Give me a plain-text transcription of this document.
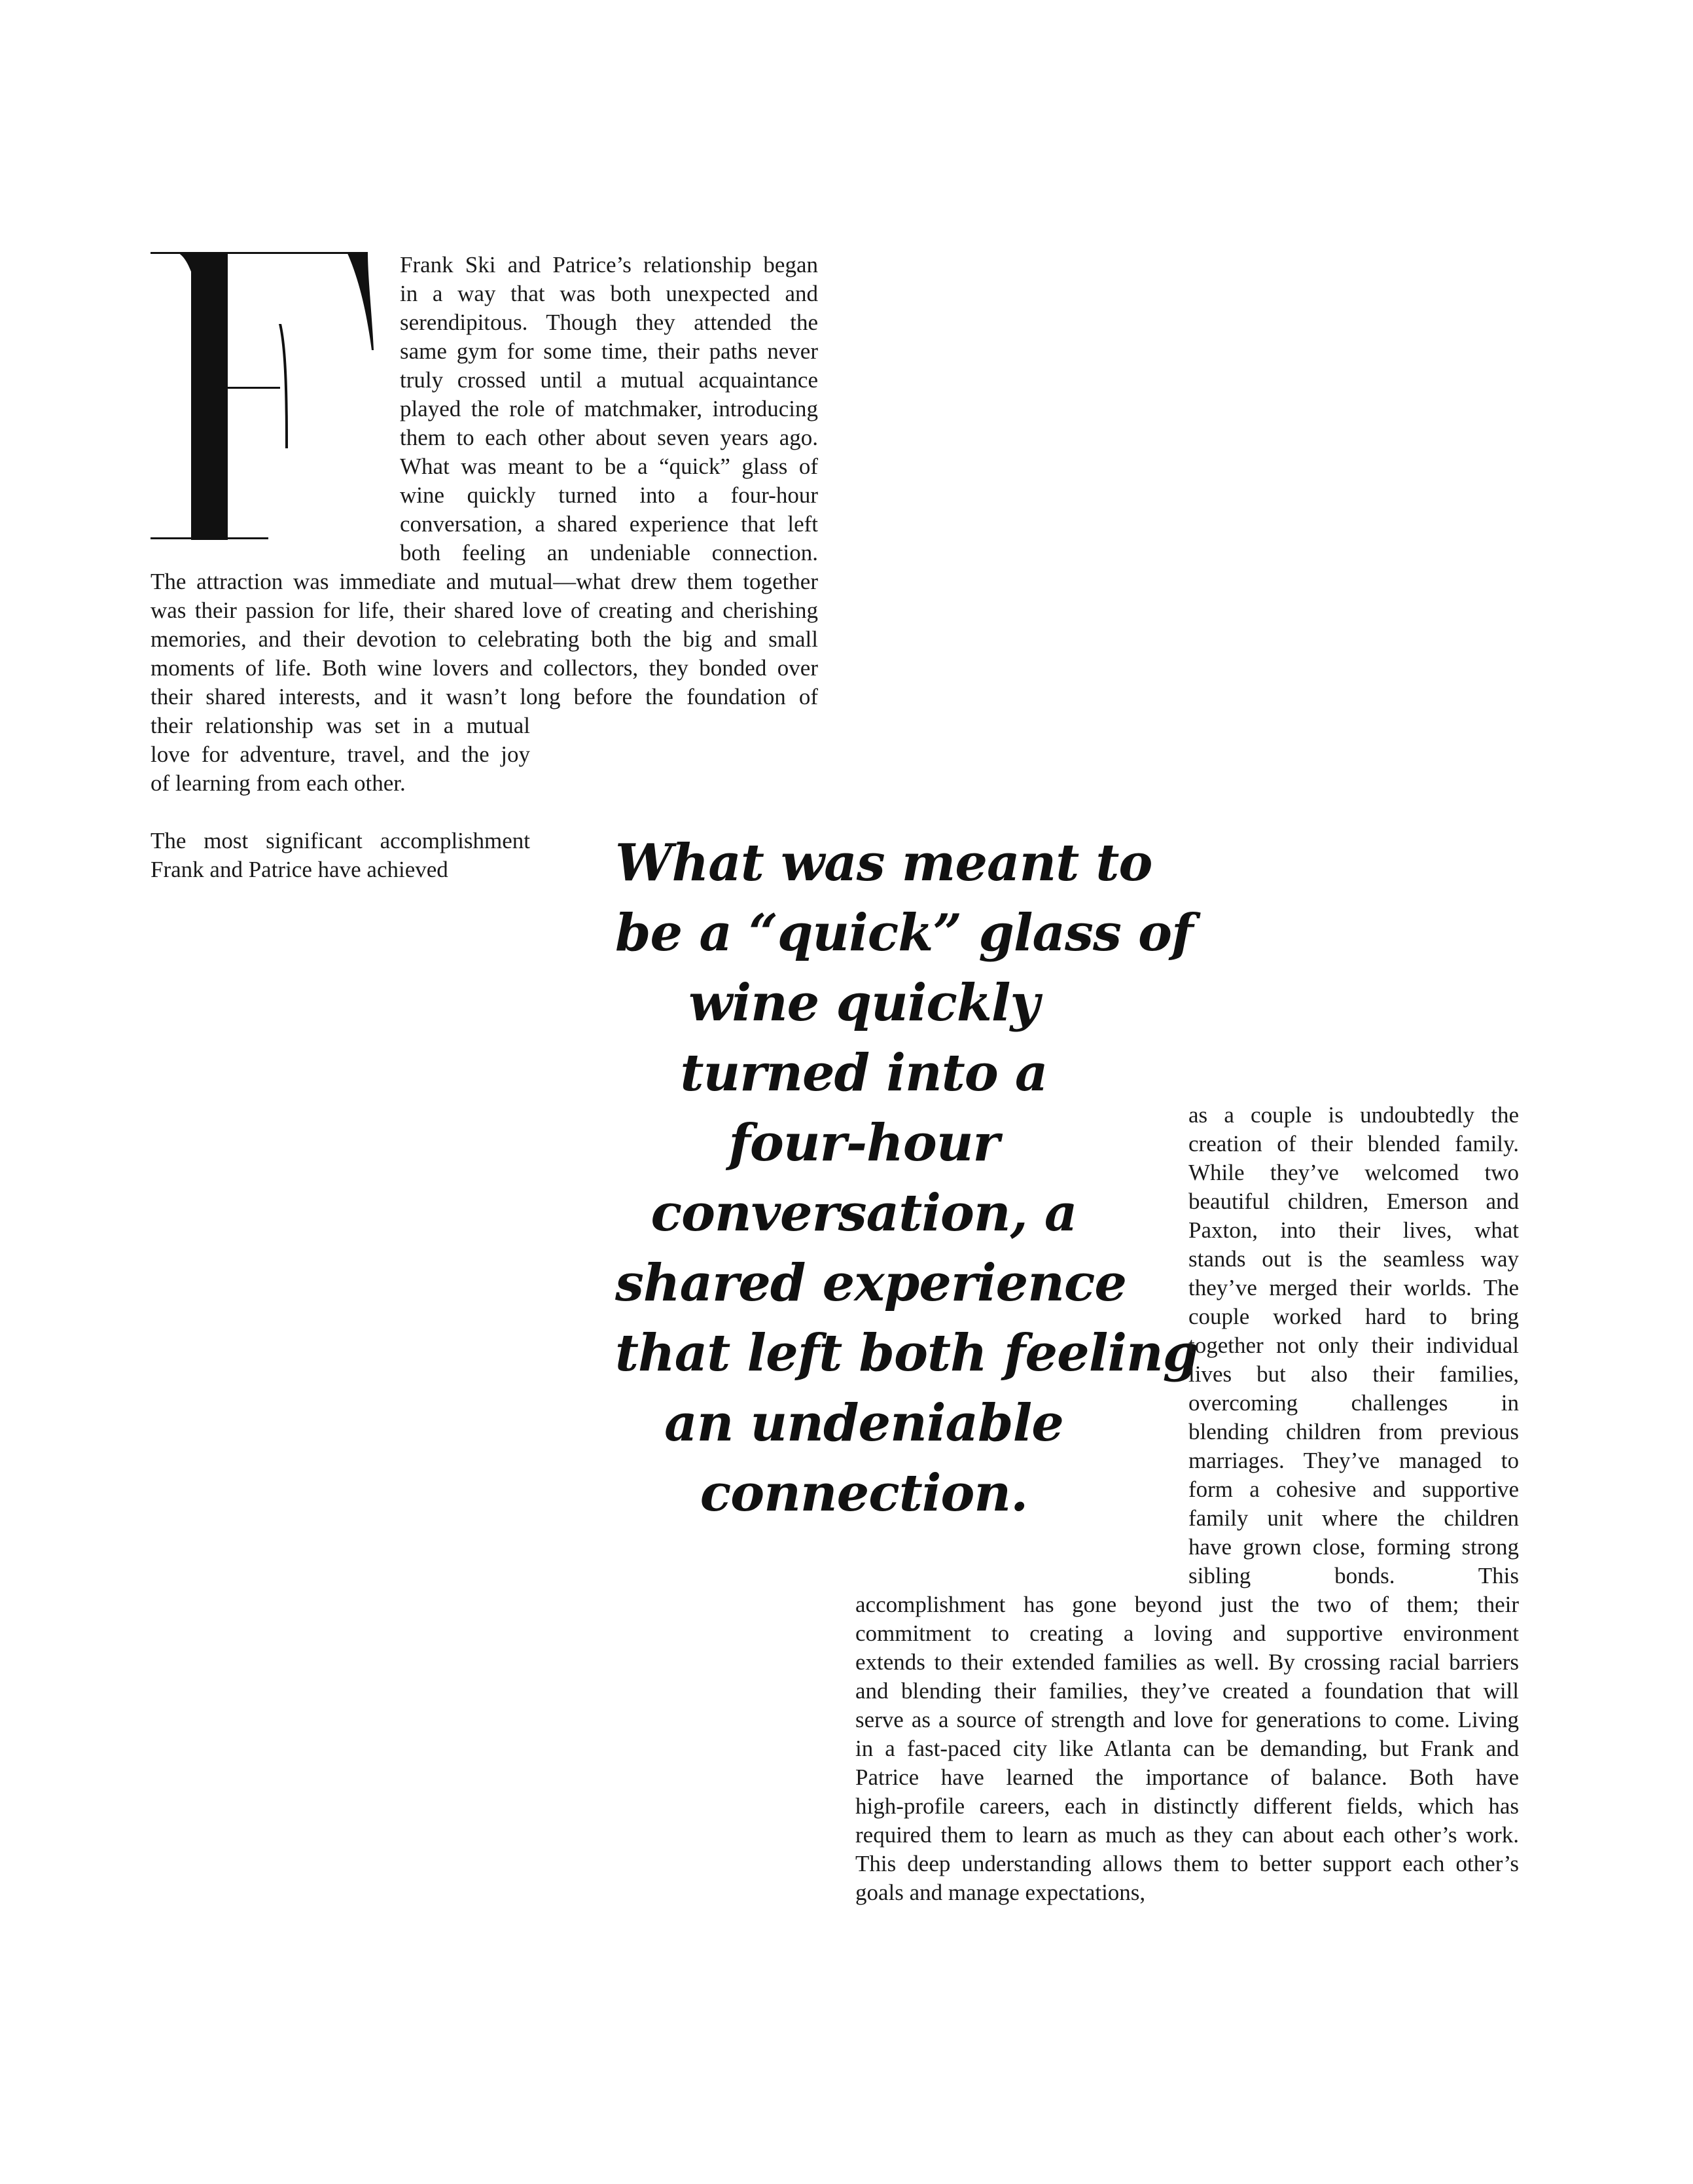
Frank Ski and Patrice’s relationship began
in a way that was both unexpected and
serendipitous. Though they attended the
same gym for some time, their paths never
truly crossed until a mutual acquaintance
played the role of matchmaker, introducing
them to each other about seven years ago.
What was meant to be a “quick” glass of
wine quickly turned into a four-hour
conversation, a shared experience that left
both feeling an undeniable connection.
The attraction was immediate and mutual—what drew them together
was their passion for life, their shared love of creating and cherishing
memories, and their devotion to celebrating both the big and small
moments of life. Both wine lovers and collectors, they bonded over
their shared interests, and it wasn’t long before the foundation of
their relationship was set in a mutual
love for adventure, travel, and the joy
of learning from each other.
The most significant accomplishment
Frank and Patrice have achieved	What was meant to
be a “quick” glass of
wine quickly
turned into a
four-hour
conversation, a
shared experience
that left both feeling
an undeniable
connection.
as a couple is undoubtedly the
creation of their blended family.
While they’ve welcomed two
beautiful children, Emerson and
Paxton, into their lives, what
stands out is the seamless way
they’ve merged their worlds. The
couple worked hard to bring
together not only their individual
lives but also their families,
overcoming challenges in
blending children from previous
marriages. They’ve managed to
form a cohesive and supportive
family unit where the children
have grown close, forming strong
sibling bonds. This
accomplishment has gone beyond just the two of them; their
commitment to creating a loving and supportive environment
extends to their extended families as well. By crossing racial barriers
and blending their families, they’ve created a foundation that will
serve as a source of strength and love for generations to come. Living
in a fast-paced city like Atlanta can be demanding, but Frank and
Patrice have learned the importance of balance. Both have
high-profile careers, each in distinctly different fields, which has
required them to learn as much as they can about each other’s work.
This deep understanding allows them to better support each other’s
goals and manage expectations,
